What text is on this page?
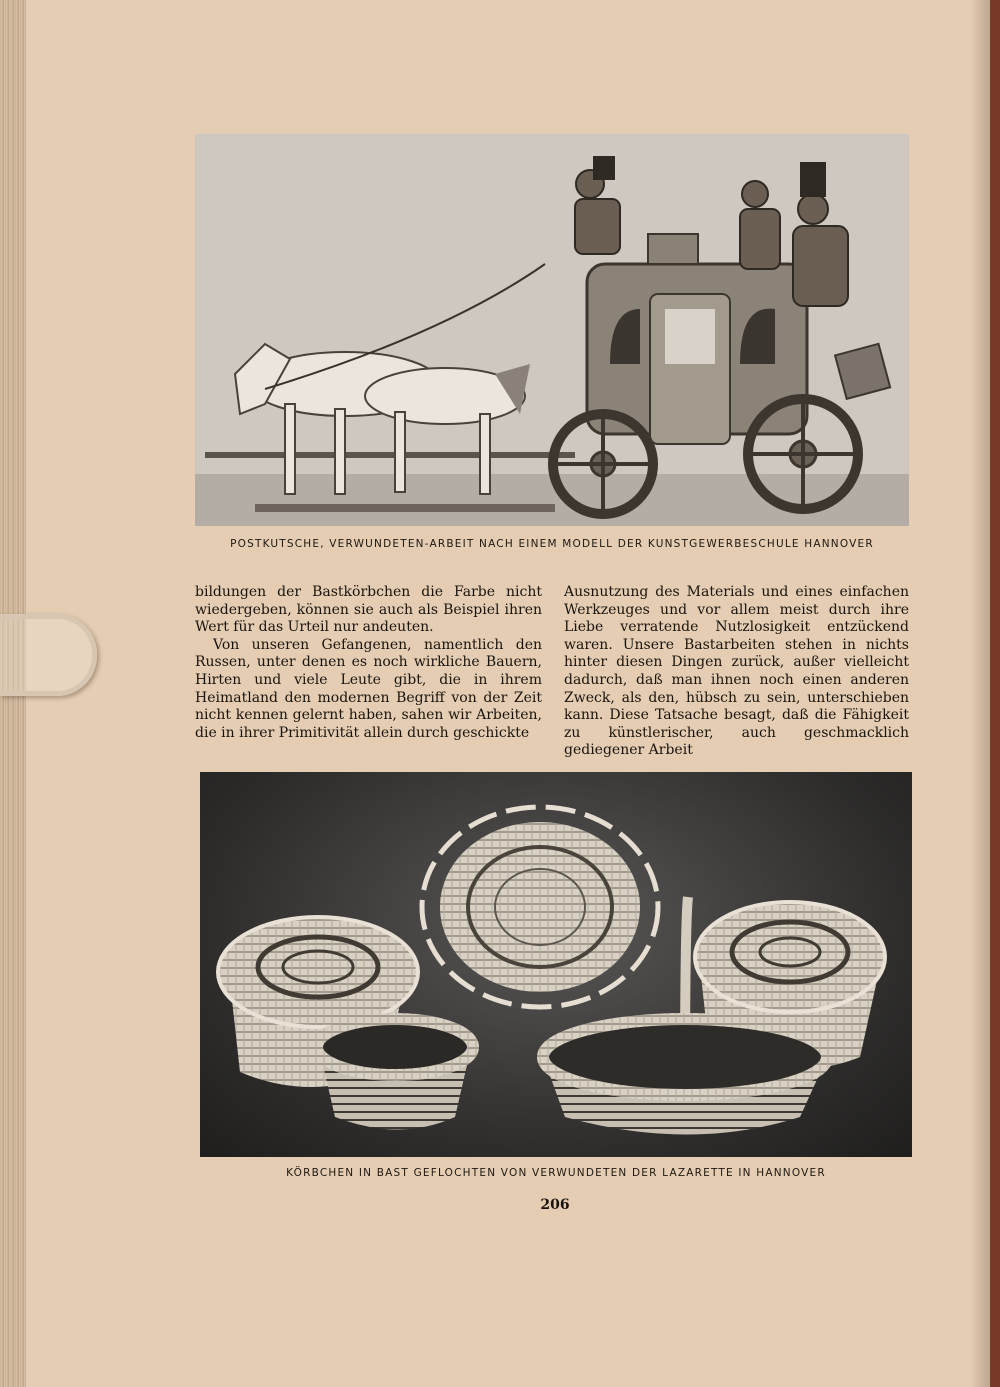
POSTKUTSCHE, VERWUNDETEN-ARBEIT NACH EINEM MODELL DER KUNSTGEWERBESCHULE HANNOVER

bildungen der Bastkörbchen die Farbe nicht wiedergeben, können sie auch als Beispiel ihren Wert für das Urteil nur andeuten.

Von unseren Gefangenen, namentlich den Russen, unter denen es noch wirkliche Bauern, Hirten und viele Leute gibt, die in ihrem Heimatland den modernen Begriff von der Zeit nicht kennen gelernt haben, sahen wir Arbeiten, die in ihrer Primitivität allein durch geschickte

Ausnutzung des Materials und eines einfachen Werkzeuges und vor allem meist durch ihre Liebe verratende Nutzlosigkeit entzückend waren. Unsere Bastarbeiten stehen in nichts hinter diesen Dingen zurück, außer vielleicht dadurch, daß man ihnen noch einen anderen Zweck, als den, hübsch zu sein, unterschieben kann. Diese Tatsache besagt, daß die Fähigkeit zu künstlerischer, auch geschmacklich gediegener Arbeit

KÖRBCHEN IN BAST GEFLOCHTEN VON VERWUNDETEN DER LAZARETTE IN HANNOVER
206
